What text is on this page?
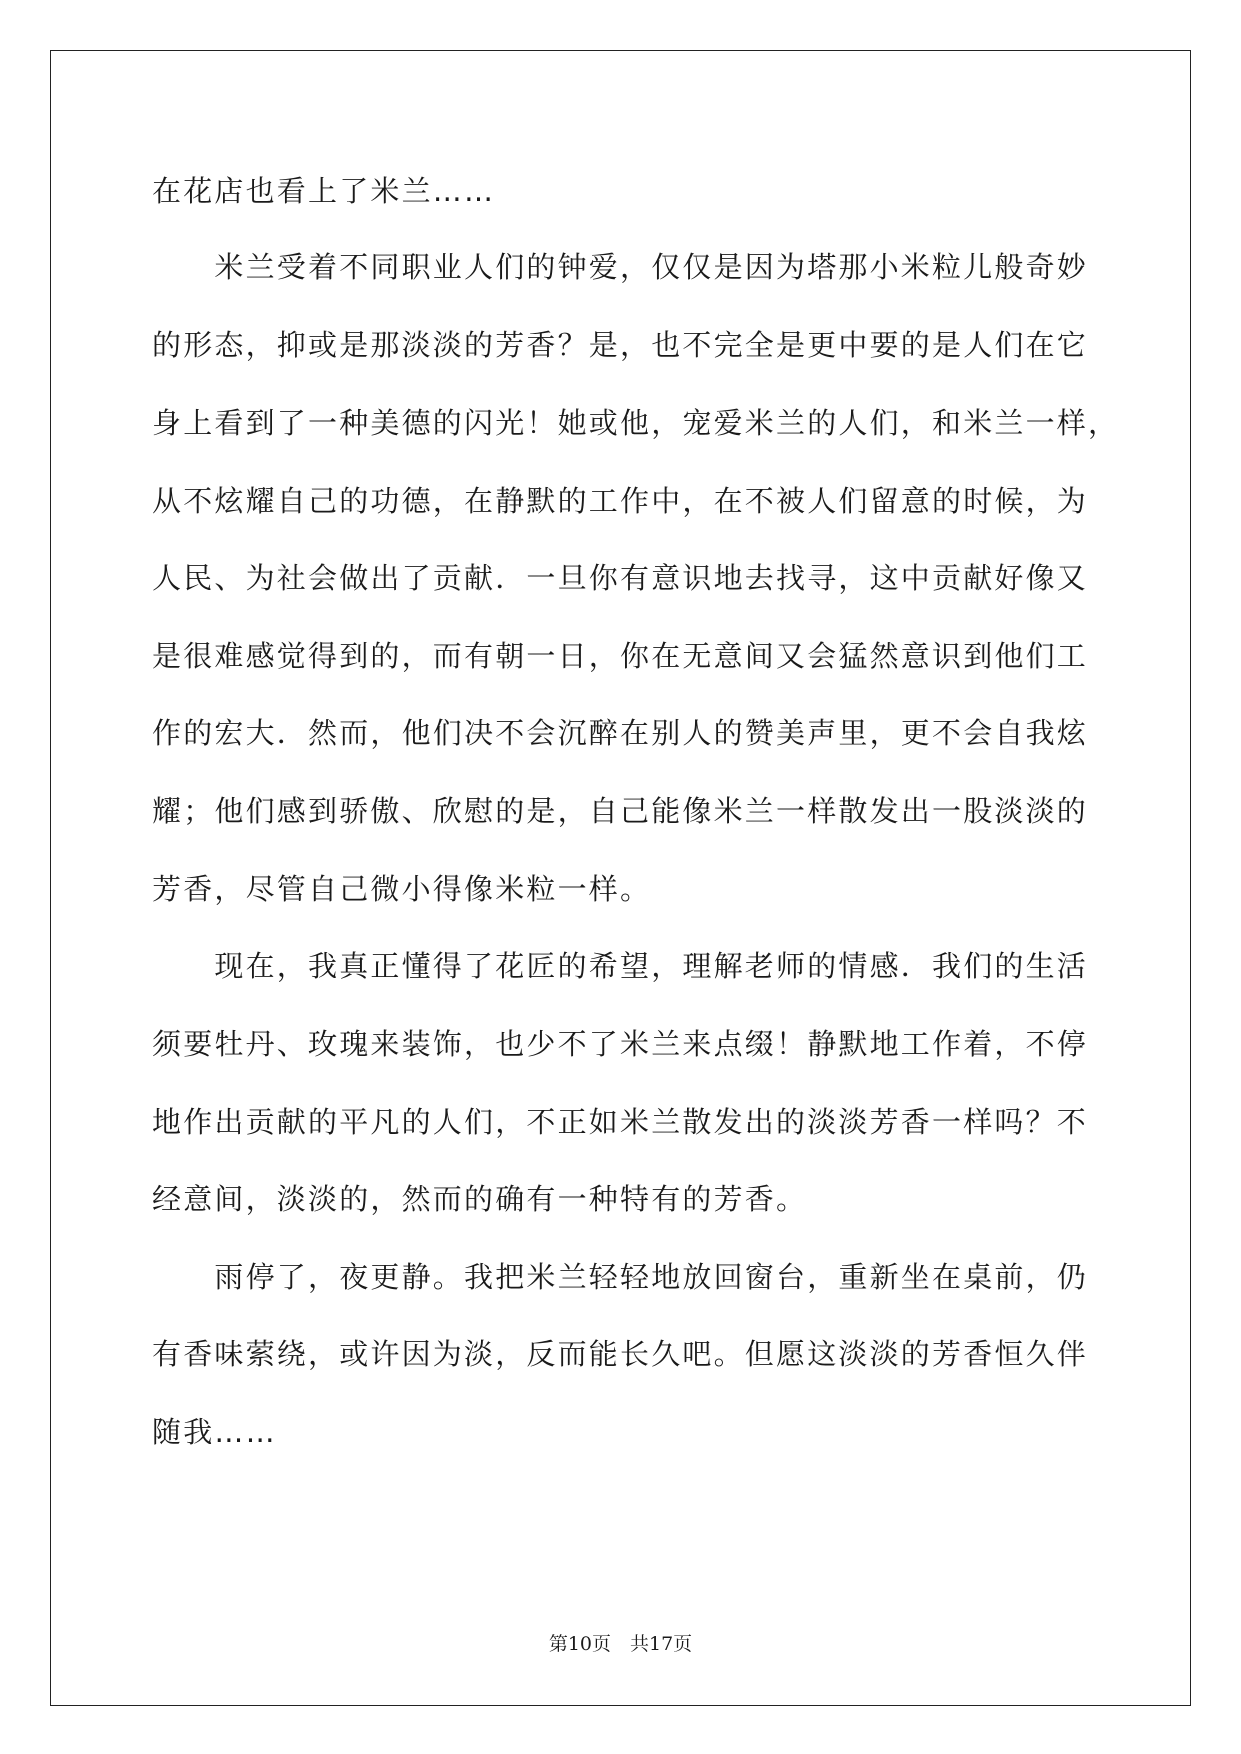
在花店也看上了米兰……

　　米兰受着不同职业人们的钟爱，仅仅是因为塔那小米粒儿般奇妙

的形态，抑或是那淡淡的芳香？是，也不完全是更中要的是人们在它

身上看到了一种美德的闪光！她或他，宠爱米兰的人们，和米兰一样，

从不炫耀自己的功德，在静默的工作中，在不被人们留意的时候，为

人民、为社会做出了贡献．一旦你有意识地去找寻，这中贡献好像又

是很难感觉得到的，而有朝一日，你在无意间又会猛然意识到他们工

作的宏大．然而，他们决不会沉醉在别人的赞美声里，更不会自我炫

耀；他们感到骄傲、欣慰的是，自己能像米兰一样散发出一股淡淡的

芳香，尽管自己微小得像米粒一样。

　　现在，我真正懂得了花匠的希望，理解老师的情感．我们的生活

须要牡丹、玫瑰来装饰，也少不了米兰来点缀！静默地工作着，不停

地作出贡献的平凡的人们，不正如米兰散发出的淡淡芳香一样吗？不

经意间，淡淡的，然而的确有一种特有的芳香。

　　雨停了，夜更静。我把米兰轻轻地放回窗台，重新坐在桌前，仍

有香味萦绕，或许因为淡，反而能长久吧。但愿这淡淡的芳香恒久伴

随我……

第10页　共17页
